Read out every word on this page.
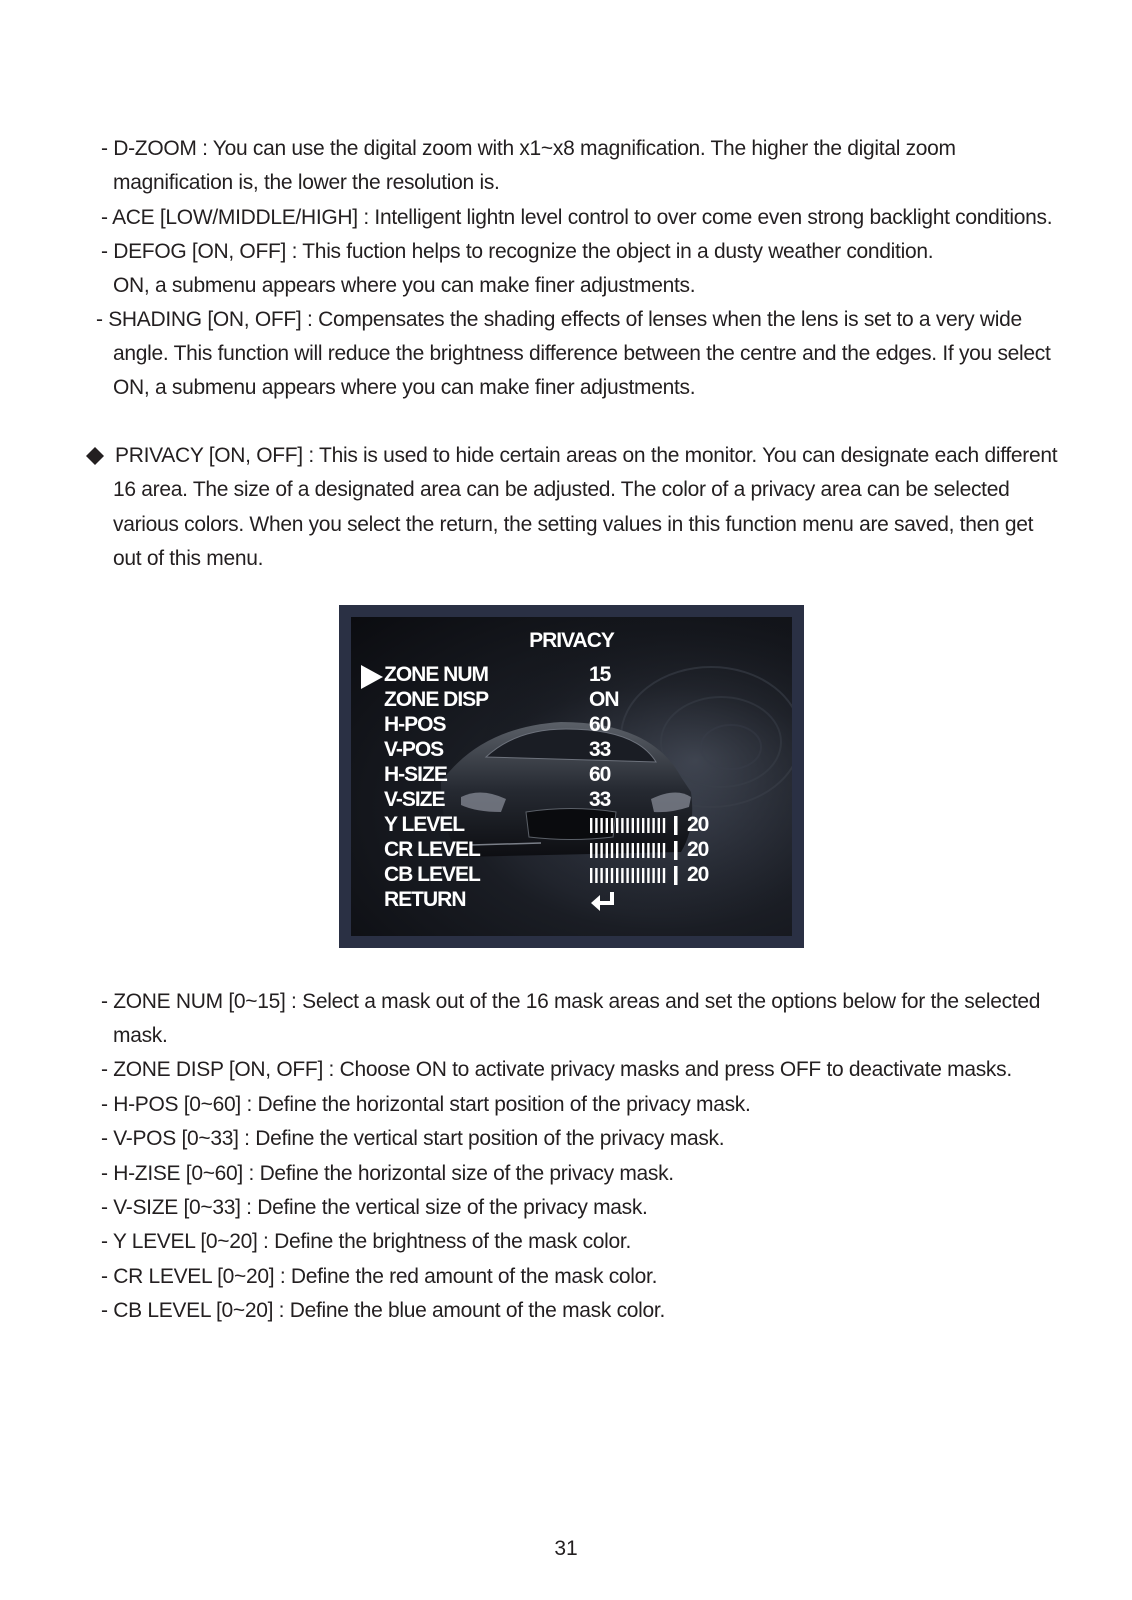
- D-ZOOM : You can use the digital zoom with x1~x8 magnification. The higher the digital zoom
magnification is, the lower the resolution is.
- ACE [LOW/MIDDLE/HIGH] : Intelligent lightn level control to over come even strong backlight conditions.
- DEFOG [ON, OFF] : This fuction helps to recognize the object in a dusty weather condition.
ON, a submenu appears where you can make finer adjustments.
- SHADING [ON, OFF] : Compensates the shading effects of lenses when the lens is set to a very wide
angle. This function will reduce the brightness difference between the centre and the edges. If you select
ON, a submenu appears where you can make finer adjustments.
PRIVACY [ON, OFF] : This is used to hide certain areas on the monitor. You can designate each different
16 area. The size of a designated area can be adjusted. The color of a privacy area can be selected
various colors. When you select the return, the setting values in this function menu are saved, then get
out of this menu.
PRIVACY
ZONE NUM	15
ZONE DISP	ON
H-POS	60
V-POS	33
H-SIZE	60
V-SIZE	33
Y LEVEL	20
CR LEVEL	20
CB LEVEL	20
RETURN
- ZONE NUM [0~15] : Select a mask out of the 16 mask areas and set the options below for the selected
mask.
- ZONE DISP [ON, OFF] : Choose ON to activate privacy masks and press OFF to deactivate masks.
- H-POS [0~60] : Define the horizontal start position of the privacy mask.
- V-POS [0~33] : Define the vertical start position of the privacy mask.
- H-ZISE [0~60] : Define the horizontal size of the privacy mask.
- V-SIZE [0~33] : Define the vertical size of the privacy mask.
- Y LEVEL [0~20] : Define the brightness of the mask color.
- CR LEVEL [0~20] : Define the red amount of the mask color.
- CB LEVEL [0~20] : Define the blue amount of the mask color.
31
